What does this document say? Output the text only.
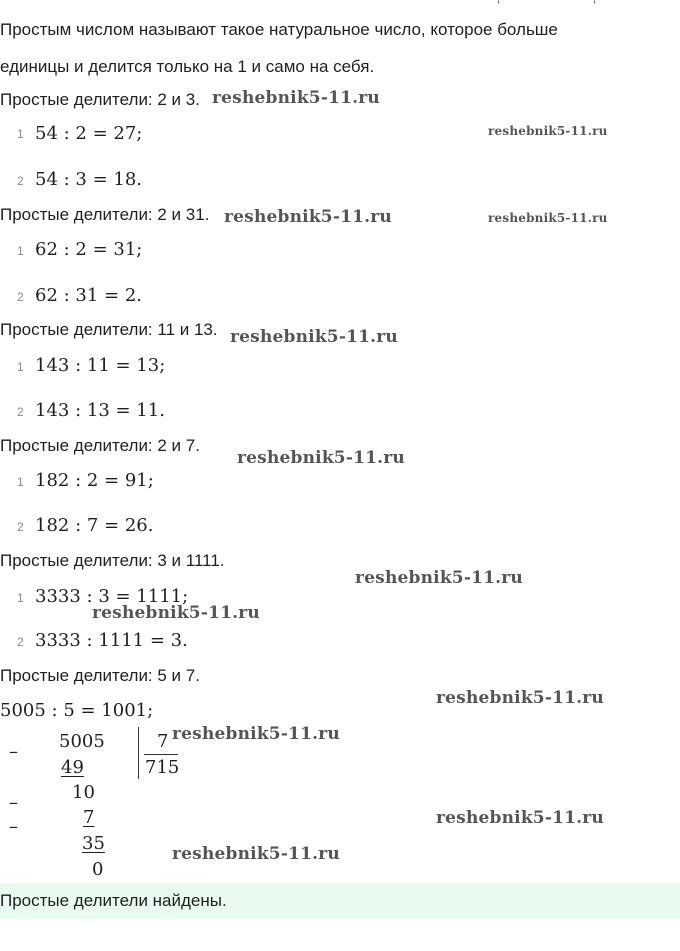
ʼ	ʼ
Простым числом называют такое натуральное число, которое больше
единицы и делится только на 1 и само на себя.
Простые делители: 2 и 3.
1 54 : 2 = 27;
2 54 : 3 = 18.
Простые делители: 2 и 31.
1 62 : 2 = 31;
2 62 : 31 = 2.
Простые делители: 11 и 13.
1 143 : 11 = 13;
2 143 : 13 = 11.
Простые делители: 2 и 7.
1 182 : 2 = 91;
2 182 : 7 = 26.
Простые делители: 3 и 1111.
1 3333 : 3 = 1111;
2 3333 : 1111 = 3.
Простые делители: 5 и 7.
5005 : 5 = 1001;
– 5005	7
715
49
10
–
–	7
35
0
reshebnik5-11.ru
reshebnik5-11.ru
reshebnik5-11.ru	reshebnik5-11.ru
reshebnik5-11.ru
reshebnik5-11.ru
reshebnik5-11.ru
reshebnik5-11.ru
reshebnik5-11.ru
reshebnik5-11.ru
reshebnik5-11.ru
reshebnik5-11.ru
Простые делители найдены.
